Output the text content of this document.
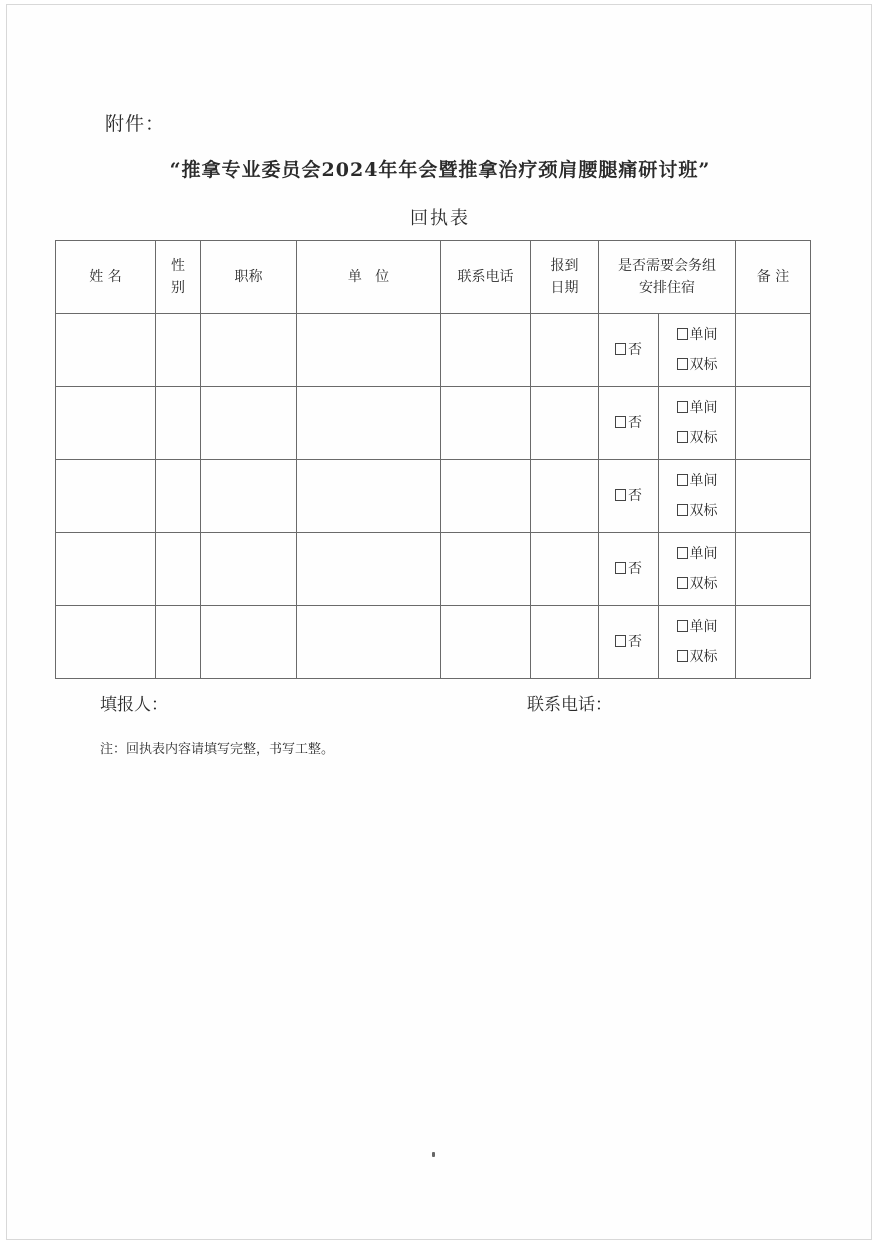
附件：
“推拿专业委员会2024年年会暨推拿治疗颈肩腰腿痛研讨班”
回执表
姓 名	性别	职称	单   位	联系电话	报到日期	是否需要会务组安排住宿		备 注

						否	单间
双标	

						否	单间
双标	

						否	单间
双标	

						否	单间
双标	

						否	单间
双标	

填报人：	联系电话：
注：回执表内容请填写完整，书写工整。
